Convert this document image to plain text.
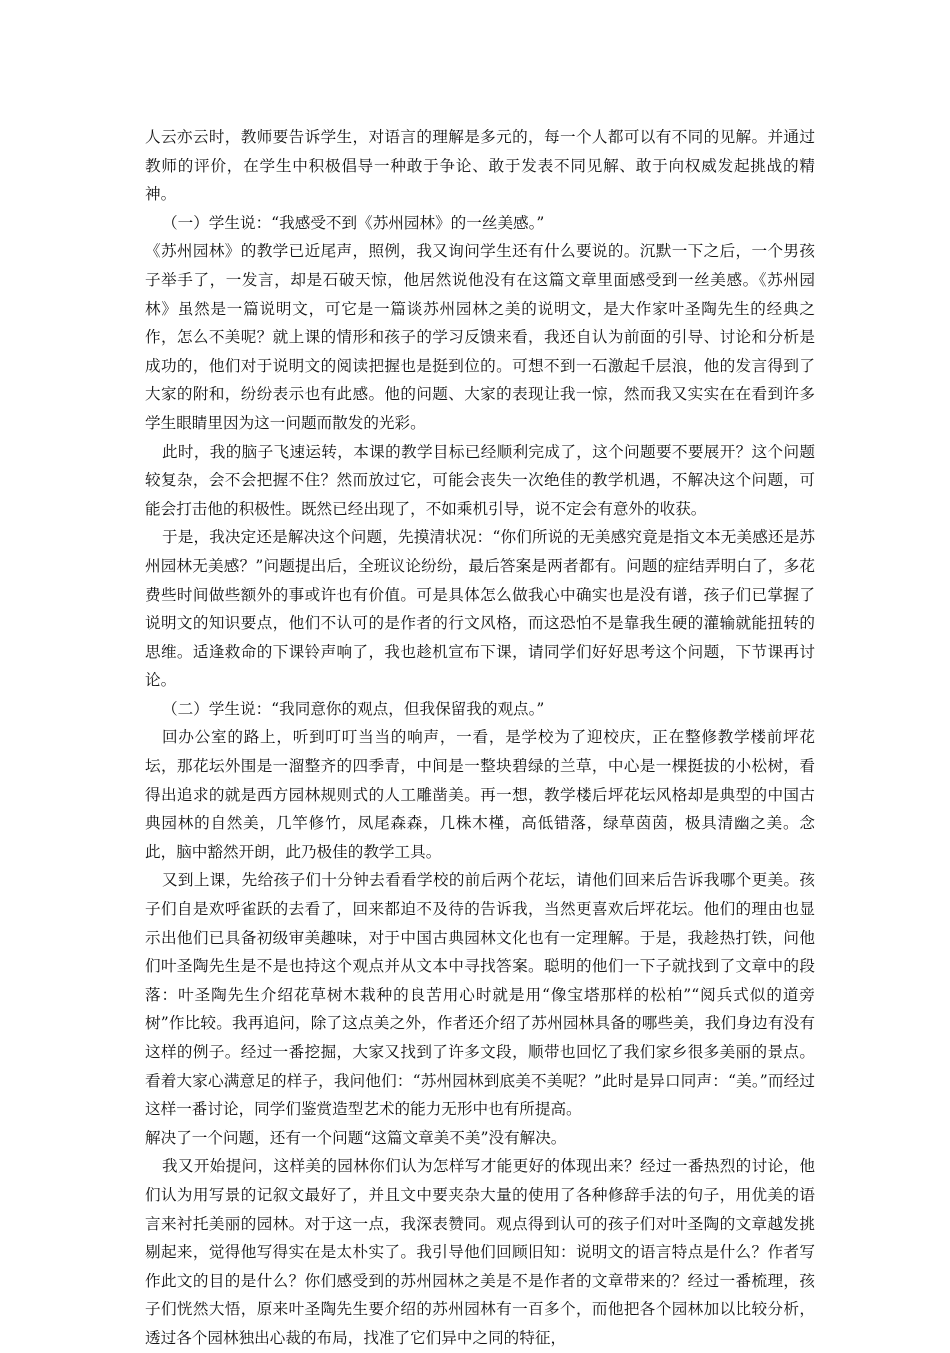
人云亦云时，教师要告诉学生，对语言的理解是多元的，每一个人都可以有不同的见解。并通过教师的评价，在学生中积极倡导一种敢于争论、敢于发表不同见解、敢于向权威发起挑战的精神。

（一）学生说：“我感受不到《苏州园林》的一丝美感。”

《苏州园林》的教学已近尾声，照例，我又询问学生还有什么要说的。沉默一下之后，一个男孩子举手了，一发言，却是石破天惊，他居然说他没有在这篇文章里面感受到一丝美感。《苏州园林》虽然是一篇说明文，可它是一篇谈苏州园林之美的说明文，是大作家叶圣陶先生的经典之作，怎么不美呢？就上课的情形和孩子的学习反馈来看，我还自认为前面的引导、讨论和分析是成功的，他们对于说明文的阅读把握也是挺到位的。可想不到一石激起千层浪，他的发言得到了大家的附和，纷纷表示也有此感。他的问题、大家的表现让我一惊，然而我又实实在在看到许多学生眼睛里因为这一问题而散发的光彩。

此时，我的脑子飞速运转，本课的教学目标已经顺利完成了，这个问题要不要展开？这个问题较复杂，会不会把握不住？然而放过它，可能会丧失一次绝佳的教学机遇，不解决这个问题，可能会打击他的积极性。既然已经出现了，不如乘机引导，说不定会有意外的收获。

于是，我决定还是解决这个问题，先摸清状况：“你们所说的无美感究竟是指文本无美感还是苏州园林无美感？”问题提出后，全班议论纷纷，最后答案是两者都有。问题的症结弄明白了，多花费些时间做些额外的事或许也有价值。可是具体怎么做我心中确实也是没有谱，孩子们已掌握了说明文的知识要点，他们不认可的是作者的行文风格，而这恐怕不是靠我生硬的灌输就能扭转的思维。适逢救命的下课铃声响了，我也趁机宣布下课，请同学们好好思考这个问题，下节课再讨论。

（二）学生说：“我同意你的观点，但我保留我的观点。”

回办公室的路上，听到叮叮当当的响声，一看，是学校为了迎校庆，正在整修教学楼前坪花坛，那花坛外围是一溜整齐的四季青，中间是一整块碧绿的兰草，中心是一棵挺拔的小松树，看得出追求的就是西方园林规则式的人工雕凿美。再一想，教学楼后坪花坛风格却是典型的中国古典园林的自然美，几竿修竹，凤尾森森，几株木槿，高低错落，绿草茵茵，极具清幽之美。念此，脑中豁然开朗，此乃极佳的教学工具。

又到上课，先给孩子们十分钟去看看学校的前后两个花坛，请他们回来后告诉我哪个更美。孩子们自是欢呼雀跃的去看了，回来都迫不及待的告诉我，当然更喜欢后坪花坛。他们的理由也显示出他们已具备初级审美趣味，对于中国古典园林文化也有一定理解。于是，我趁热打铁，问他们叶圣陶先生是不是也持这个观点并从文本中寻找答案。聪明的他们一下子就找到了文章中的段落：叶圣陶先生介绍花草树木栽种的良苦用心时就是用“像宝塔那样的松柏”“阅兵式似的道旁树”作比较。我再追问，除了这点美之外，作者还介绍了苏州园林具备的哪些美，我们身边有没有这样的例子。经过一番挖掘，大家又找到了许多文段，顺带也回忆了我们家乡很多美丽的景点。看着大家心满意足的样子，我问他们：“苏州园林到底美不美呢？”此时是异口同声：“美。”而经过这样一番讨论，同学们鉴赏造型艺术的能力无形中也有所提高。

解决了一个问题，还有一个问题“这篇文章美不美”没有解决。

我又开始提问，这样美的园林你们认为怎样写才能更好的体现出来？经过一番热烈的讨论，他们认为用写景的记叙文最好了，并且文中要夹杂大量的使用了各种修辞手法的句子，用优美的语言来衬托美丽的园林。对于这一点，我深表赞同。观点得到认可的孩子们对叶圣陶的文章越发挑剔起来，觉得他写得实在是太朴实了。我引导他们回顾旧知：说明文的语言特点是什么？作者写作此文的目的是什么？你们感受到的苏州园林之美是不是作者的文章带来的？经过一番梳理，孩子们恍然大悟，原来叶圣陶先生要介绍的苏州园林有一百多个，而他把各个园林加以比较分析，透过各个园林独出心裁的布局，找准了它们异中之同的特征，
